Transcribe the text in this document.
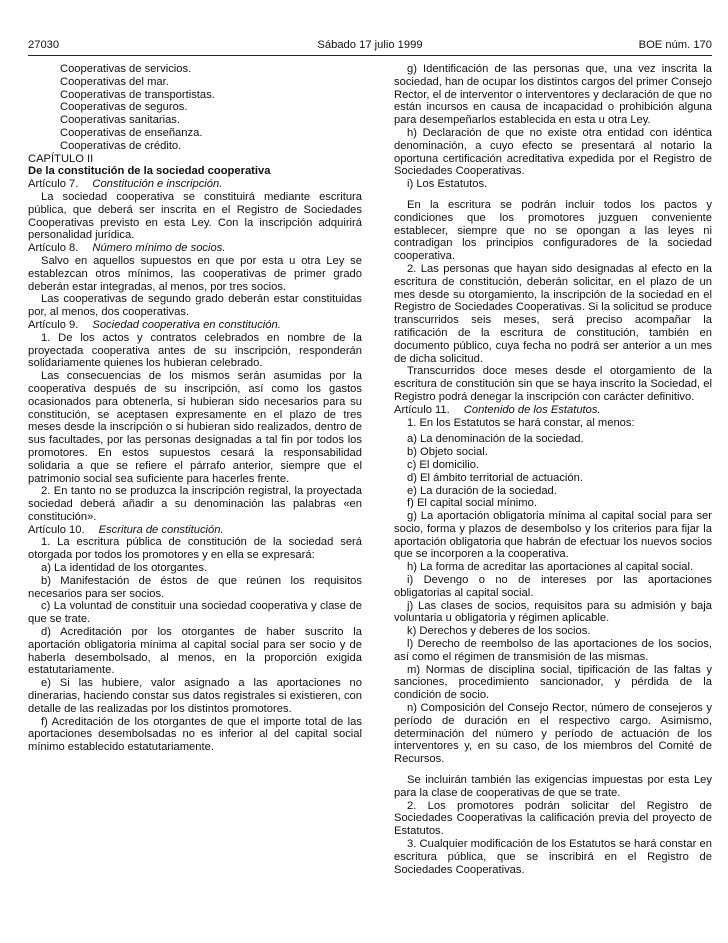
27030	Sábado 17 julio 1999	BOE núm. 170

Cooperativas de servicios.

Cooperativas del mar.

Cooperativas de transportistas.

Cooperativas de seguros.

Cooperativas sanitarias.

Cooperativas de enseñanza.

Cooperativas de crédito.

CAPÍTULO II

De la constitución de la sociedad cooperativa

Artículo 7. Constitución e inscripción.

La sociedad cooperativa se constituirá mediante escritura pública, que deberá ser inscrita en el Registro de Sociedades Cooperativas previsto en esta Ley. Con la inscripción adquirirá personalidad jurídica.

Artículo 8. Número mínimo de socios.

Salvo en aquellos supuestos en que por esta u otra Ley se establezcan otros mínimos, las cooperativas de primer grado deberán estar integradas, al menos, por tres socios.

Las cooperativas de segundo grado deberán estar constituidas por, al menos, dos cooperativas.

Artículo 9. Sociedad cooperativa en constitución.

1. De los actos y contratos celebrados en nombre de la proyectada cooperativa antes de su inscripción, responderán solidariamente quienes los hubieran celebrado.

Las consecuencias de los mismos serán asumidas por la cooperativa después de su inscripción, así como los gastos ocasionados para obtenerla, si hubieran sido necesarios para su constitución, se aceptasen expresamente en el plazo de tres meses desde la inscripción o si hubieran sido realizados, dentro de sus facultades, por las personas designadas a tal fin por todos los promotores. En estos supuestos cesará la responsabilidad solidaria a que se refiere el párrafo anterior, siempre que el patrimonio social sea suficiente para hacerles frente.

2. En tanto no se produzca la inscripción registral, la proyectada sociedad deberá añadir a su denominación las palabras «en constitución».

Artículo 10. Escritura de constitución.

1. La escritura pública de constitución de la sociedad será otorgada por todos los promotores y en ella se expresará:

a) La identidad de los otorgantes.

b) Manifestación de éstos de que reúnen los requisitos necesarios para ser socios.

c) La voluntad de constituir una sociedad cooperativa y clase de que se trate.

d) Acreditación por los otorgantes de haber suscrito la aportación obligatoria mínima al capital social para ser socio y de haberla desembolsado, al menos, en la proporción exigida estatutariamente.

e) Si las hubiere, valor asignado a las aportaciones no dinerarias, haciendo constar sus datos registrales si existieren, con detalle de las realizadas por los distintos promotores.

f) Acreditación de los otorgantes de que el importe total de las aportaciones desembolsadas no es inferior al del capital social mínimo establecido estatutariamente.

g) Identificación de las personas que, una vez inscrita la sociedad, han de ocupar los distintos cargos del primer Consejo Rector, el de interventor o interventores y declaración de que no están incursos en causa de incapacidad o prohibición alguna para desempeñarlos establecida en esta u otra Ley.

h) Declaración de que no existe otra entidad con idéntica denominación, a cuyo efecto se presentará al notario la oportuna certificación acreditativa expedida por el Registro de Sociedades Cooperativas.

i) Los Estatutos.

En la escritura se podrán incluir todos los pactos y condiciones que los promotores juzguen conveniente establecer, siempre que no se opongan a las leyes ni contradigan los principios configuradores de la sociedad cooperativa.

2. Las personas que hayan sido designadas al efecto en la escritura de constitución, deberán solicitar, en el plazo de un mes desde su otorgamiento, la inscripción de la sociedad en el Registro de Sociedades Cooperativas. Si la solicitud se produce transcurridos seis meses, será preciso acompañar la ratificación de la escritura de constitución, también en documento público, cuya fecha no podrá ser anterior a un mes de dicha solicitud.

Transcurridos doce meses desde el otorgamiento de la escritura de constitución sin que se haya inscrito la Sociedad, el Registro podrá denegar la inscripción con carácter definitivo.

Artículo 11. Contenido de los Estatutos.

1. En los Estatutos se hará constar, al menos:

a) La denominación de la sociedad.

b) Objeto social.

c) El domicilio.

d) El ámbito territorial de actuación.

e) La duración de la sociedad.

f) El capital social mínimo.

g) La aportación obligatoria mínima al capital social para ser socio, forma y plazos de desembolso y los criterios para fijar la aportación obligatoria que habrán de efectuar los nuevos socios que se incorporen a la cooperativa.

h) La forma de acreditar las aportaciones al capital social.

i) Devengo o no de intereses por las aportaciones obligatorias al capital social.

j) Las clases de socios, requisitos para su admisión y baja voluntaria u obligatoria y régimen aplicable.

k) Derechos y deberes de los socios.

l) Derecho de reembolso de las aportaciones de los socios, así como el régimen de transmisión de las mismas.

m) Normas de disciplina social, tipificación de las faltas y sanciones, procedimiento sancionador, y pérdida de la condición de socio.

n) Composición del Consejo Rector, número de consejeros y período de duración en el respectivo cargo. Asimismo, determinación del número y período de actuación de los interventores y, en su caso, de los miembros del Comité de Recursos.

Se incluirán también las exigencias impuestas por esta Ley para la clase de cooperativas de que se trate.

2. Los promotores podrán solicitar del Registro de Sociedades Cooperativas la calificación previa del proyecto de Estatutos.

3. Cualquier modificación de los Estatutos se hará constar en escritura pública, que se inscribirá en el Registro de Sociedades Cooperativas.
